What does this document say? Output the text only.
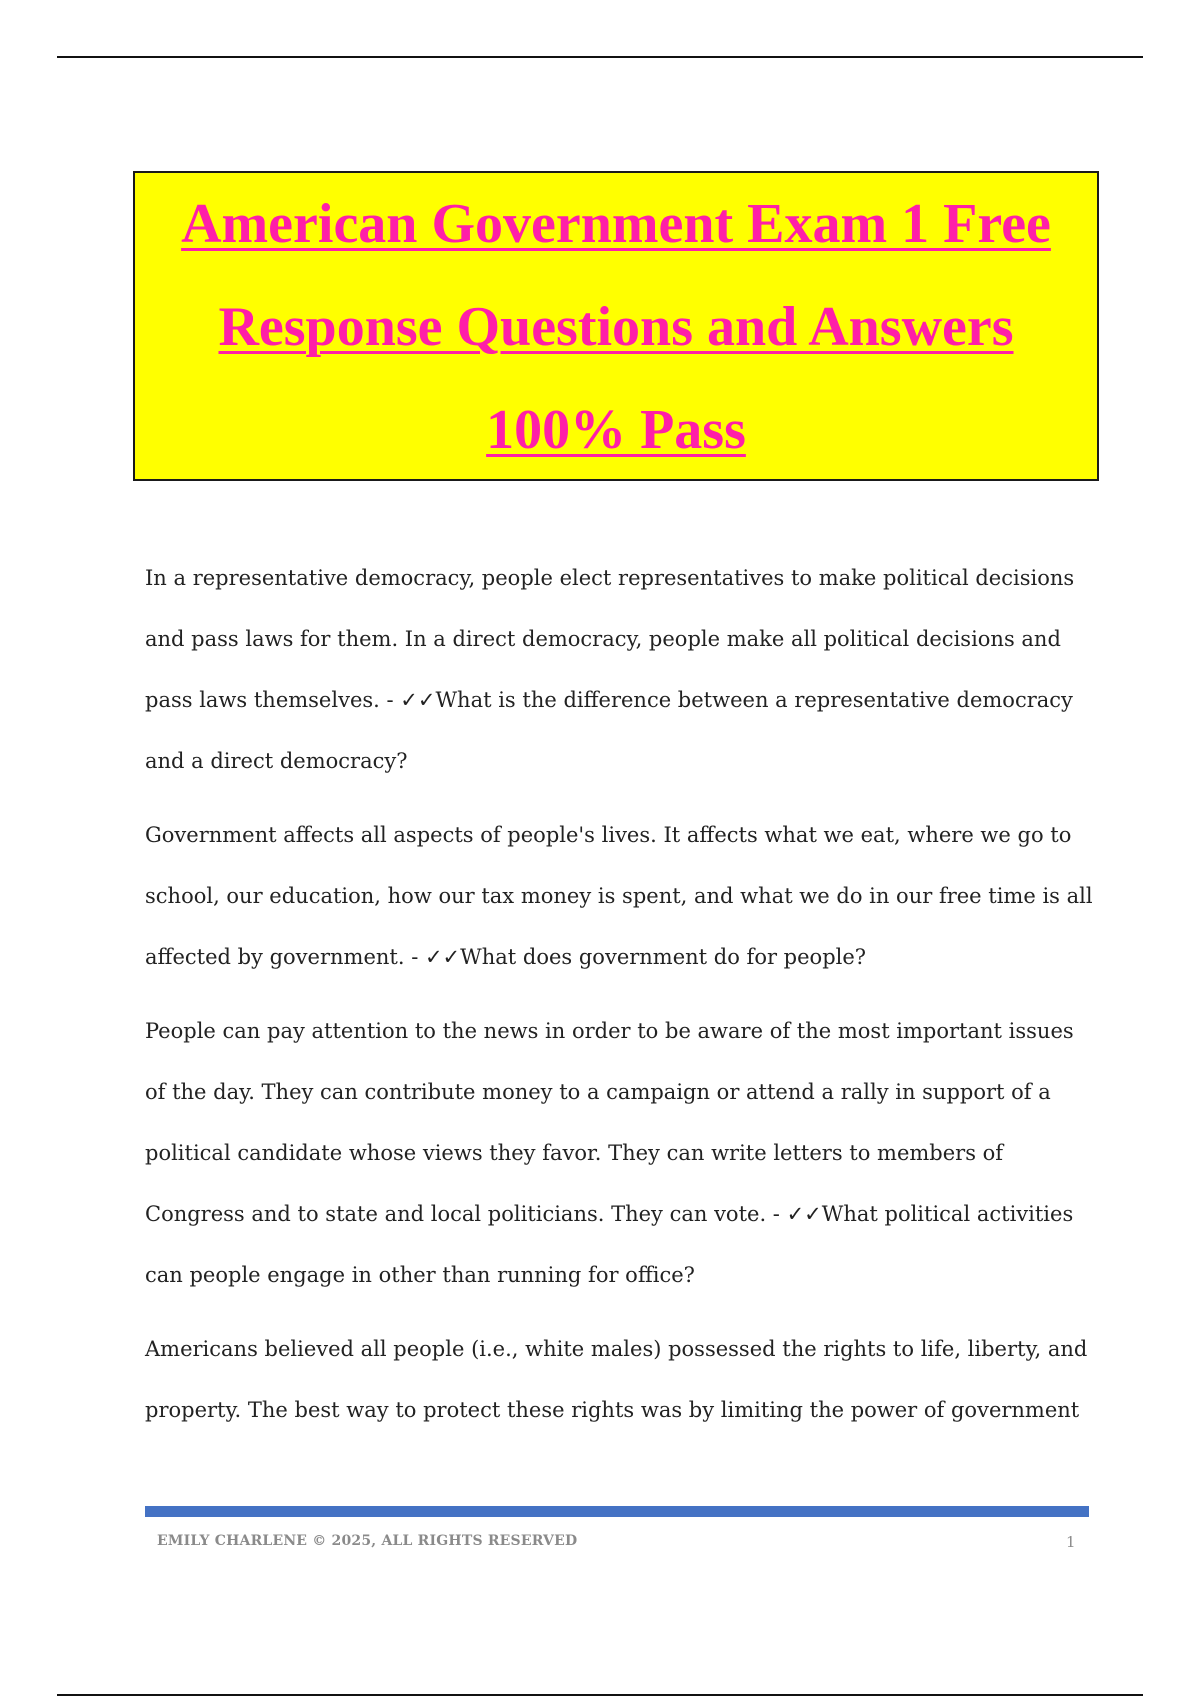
American Government Exam 1 Free
Response Questions and Answers
100% Pass

In a representative democracy, people elect representatives to make political decisions and pass laws for them. In a direct democracy, people make all political decisions and pass laws themselves. - ✓✓What is the difference between a representative democracy and a direct democracy?

Government affects all aspects of people's lives. It affects what we eat, where we go to school, our education, how our tax money is spent, and what we do in our free time is all affected by government. - ✓✓What does government do for people?

People can pay attention to the news in order to be aware of the most important issues of the day. They can contribute money to a campaign or attend a rally in support of a political candidate whose views they favor. They can write letters to members of Congress and to state and local politicians. They can vote. - ✓✓What political activities can people engage in other than running for office?

Americans believed all people (i.e., white males) possessed the rights to life, liberty, and property. The best way to protect these rights was by limiting the power of government

EMILY CHARLENE © 2025, ALL RIGHTS RESERVED	1
